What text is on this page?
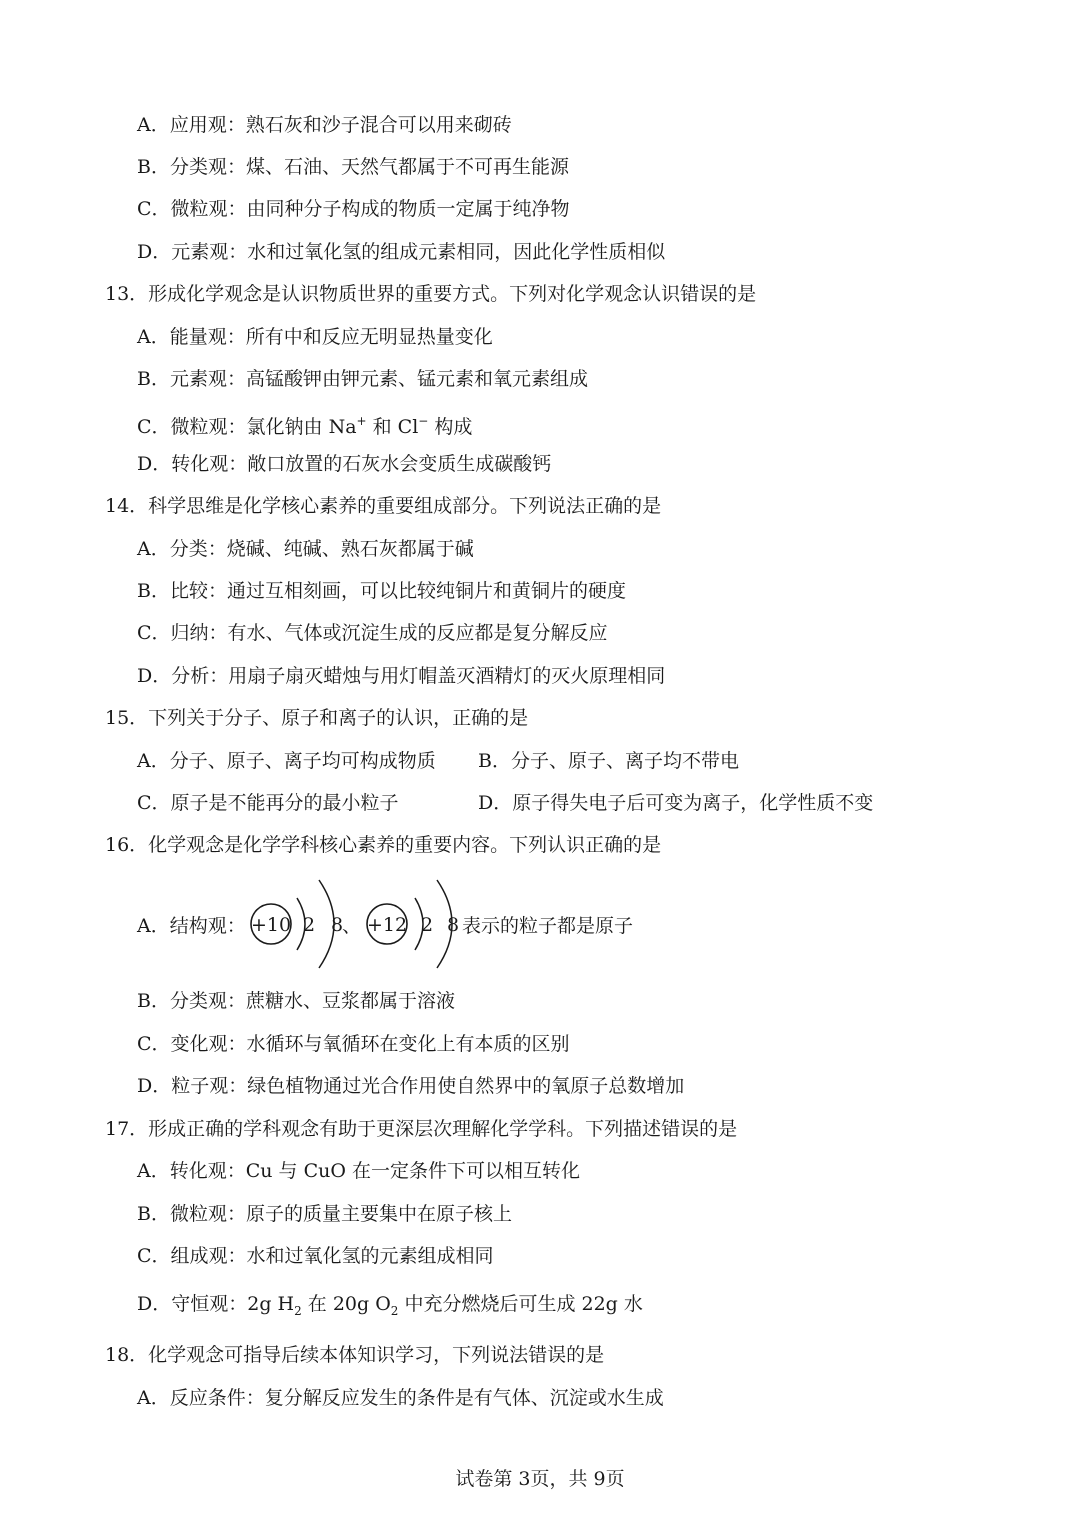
A．应用观：熟石灰和沙子混合可以用来砌砖
B．分类观：煤、石油、天然气都属于不可再生能源
C．微粒观：由同种分子构成的物质一定属于纯净物
D．元素观：水和过氧化氢的组成元素相同，因此化学性质相似
13．形成化学观念是认识物质世界的重要方式。下列对化学观念认识错误的是
A．能量观：所有中和反应无明显热量变化
B．元素观：高锰酸钾由钾元素、锰元素和氧元素组成
C．微粒观：氯化钠由 Na+ 和 Cl− 构成
D．转化观：敞口放置的石灰水会变质生成碳酸钙
14．科学思维是化学核心素养的重要组成部分。下列说法正确的是
A．分类：烧碱、纯碱、熟石灰都属于碱
B．比较：通过互相刻画，可以比较纯铜片和黄铜片的硬度
C．归纳：有水、气体或沉淀生成的反应都是复分解反应
D．分析：用扇子扇灭蜡烛与用灯帽盖灭酒精灯的灭火原理相同
15．下列关于分子、原子和离子的认识，正确的是
A．分子、原子、离子均可构成物质 B．分子、原子、离子均不带电
C．原子是不能再分的最小粒子	D．原子得失电子后可变为离子，化学性质不变
16．化学观念是化学学科核心素养的重要内容。下列认识正确的是
A．结构观： +10 2 8 +12 2 8
、	表示的粒子都是原子
B．分类观：蔗糖水、豆浆都属于溶液
C．变化观：水循环与氧循环在变化上有本质的区别
D．粒子观：绿色植物通过光合作用使自然界中的氧原子总数增加
17．形成正确的学科观念有助于更深层次理解化学学科。下列描述错误的是
A．转化观：Cu 与 CuO 在一定条件下可以相互转化
B．微粒观：原子的质量主要集中在原子核上
C．组成观：水和过氧化氢的元素组成相同
D．守恒观：2g $H_2$ 在 20g $O_2$ 中充分燃烧后可生成 22g 水
18．化学观念可指导后续本体知识学习，下列说法错误的是
A．反应条件：复分解反应发生的条件是有气体、沉淀或水生成
试卷第 3页，共 9页
